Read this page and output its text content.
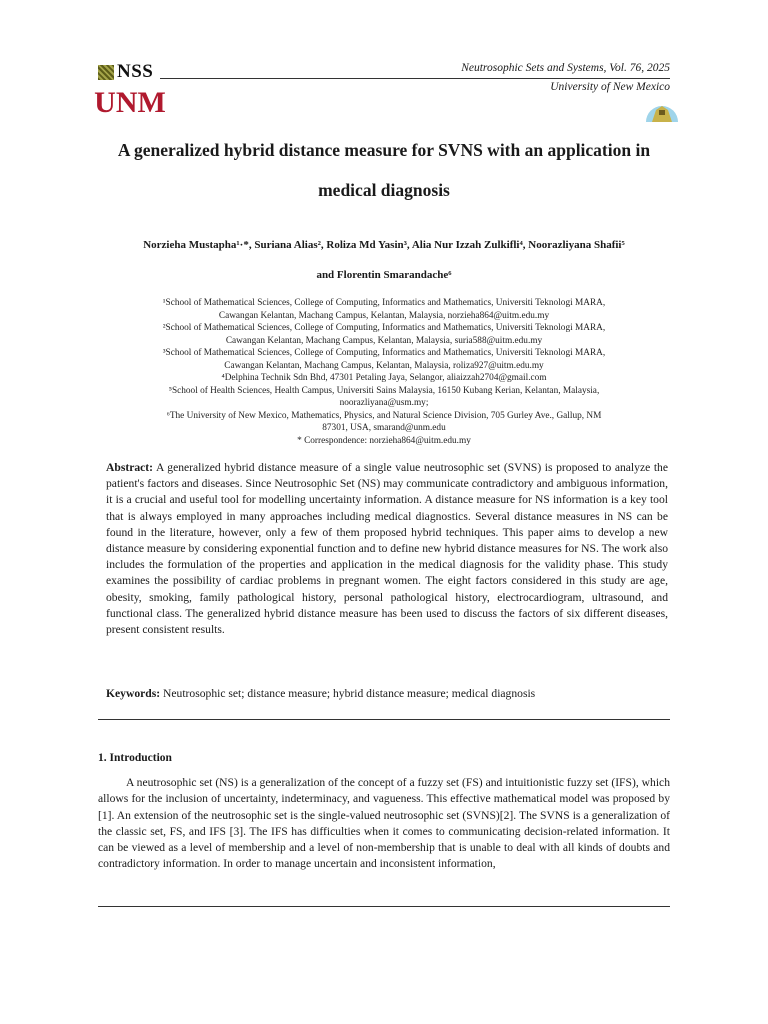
NSS
UNM
Neutrosophic Sets and Systems, Vol. 76, 2025
University of New Mexico
A generalized hybrid distance measure for SVNS with an application in medical diagnosis
Norzieha Mustapha¹·*, Suriana Alias², Roliza Md Yasin³, Alia Nur Izzah Zulkifli⁴, Noorazliyana Shafii⁵
and Florentin Smarandache⁶
¹School of Mathematical Sciences, College of Computing, Informatics and Mathematics, Universiti Teknologi MARA,
Cawangan Kelantan, Machang Campus, Kelantan, Malaysia, norzieha864@uitm.edu.my
²School of Mathematical Sciences, College of Computing, Informatics and Mathematics, Universiti Teknologi MARA,
Cawangan Kelantan, Machang Campus, Kelantan, Malaysia, suria588@uitm.edu.my
³School of Mathematical Sciences, College of Computing, Informatics and Mathematics, Universiti Teknologi MARA,
Cawangan Kelantan, Machang Campus, Kelantan, Malaysia, roliza927@uitm.edu.my
⁴Delphina Technik Sdn Bhd, 47301 Petaling Jaya, Selangor, aliaizzah2704@gmail.com
⁵School of Health Sciences, Health Campus, Universiti Sains Malaysia, 16150 Kubang Kerian, Kelantan, Malaysia,
noorazliyana@usm.my;
⁶The University of New Mexico, Mathematics, Physics, and Natural Science Division, 705 Gurley Ave., Gallup, NM
87301, USA, smarand@unm.edu
* Correspondence: norzieha864@uitm.edu.my
Abstract: A generalized hybrid distance measure of a single value neutrosophic set (SVNS) is proposed to analyze the patient's factors and diseases. Since Neutrosophic Set (NS) may communicate contradictory and ambiguous information, it is a crucial and useful tool for modelling uncertainty information. A distance measure for NS information is a key tool that is always employed in many approaches including medical diagnostics. Several distance measures in NS can be found in the literature, however, only a few of them proposed hybrid techniques. This paper aims to develop a new distance measure by considering exponential function and to define new hybrid distance measures for NS. The work also includes the formulation of the properties and application in the medical diagnosis for the validity phase. This study examines the possibility of cardiac problems in pregnant women. The eight factors considered in this study are age, obesity, smoking, family pathological history, personal pathological history, electrocardiogram, ultrasound, and functional class. The generalized hybrid distance measure has been used to discuss the factors of six different diseases, present consistent results.
Keywords: Neutrosophic set; distance measure; hybrid distance measure; medical diagnosis
1. Introduction
A neutrosophic set (NS) is a generalization of the concept of a fuzzy set (FS) and intuitionistic fuzzy set (IFS), which allows for the inclusion of uncertainty, indeterminacy, and vagueness. This effective mathematical model was proposed by [1]. An extension of the neutrosophic set is the single-valued neutrosophic set (SVNS)[2]. The SVNS is a generalization of the classic set, FS, and IFS [3]. The IFS has difficulties when it comes to communicating decision-related information. It can be viewed as a level of membership and a level of non-membership that is unable to deal with all kinds of doubts and contradictory information. In order to manage uncertain and inconsistent information,
